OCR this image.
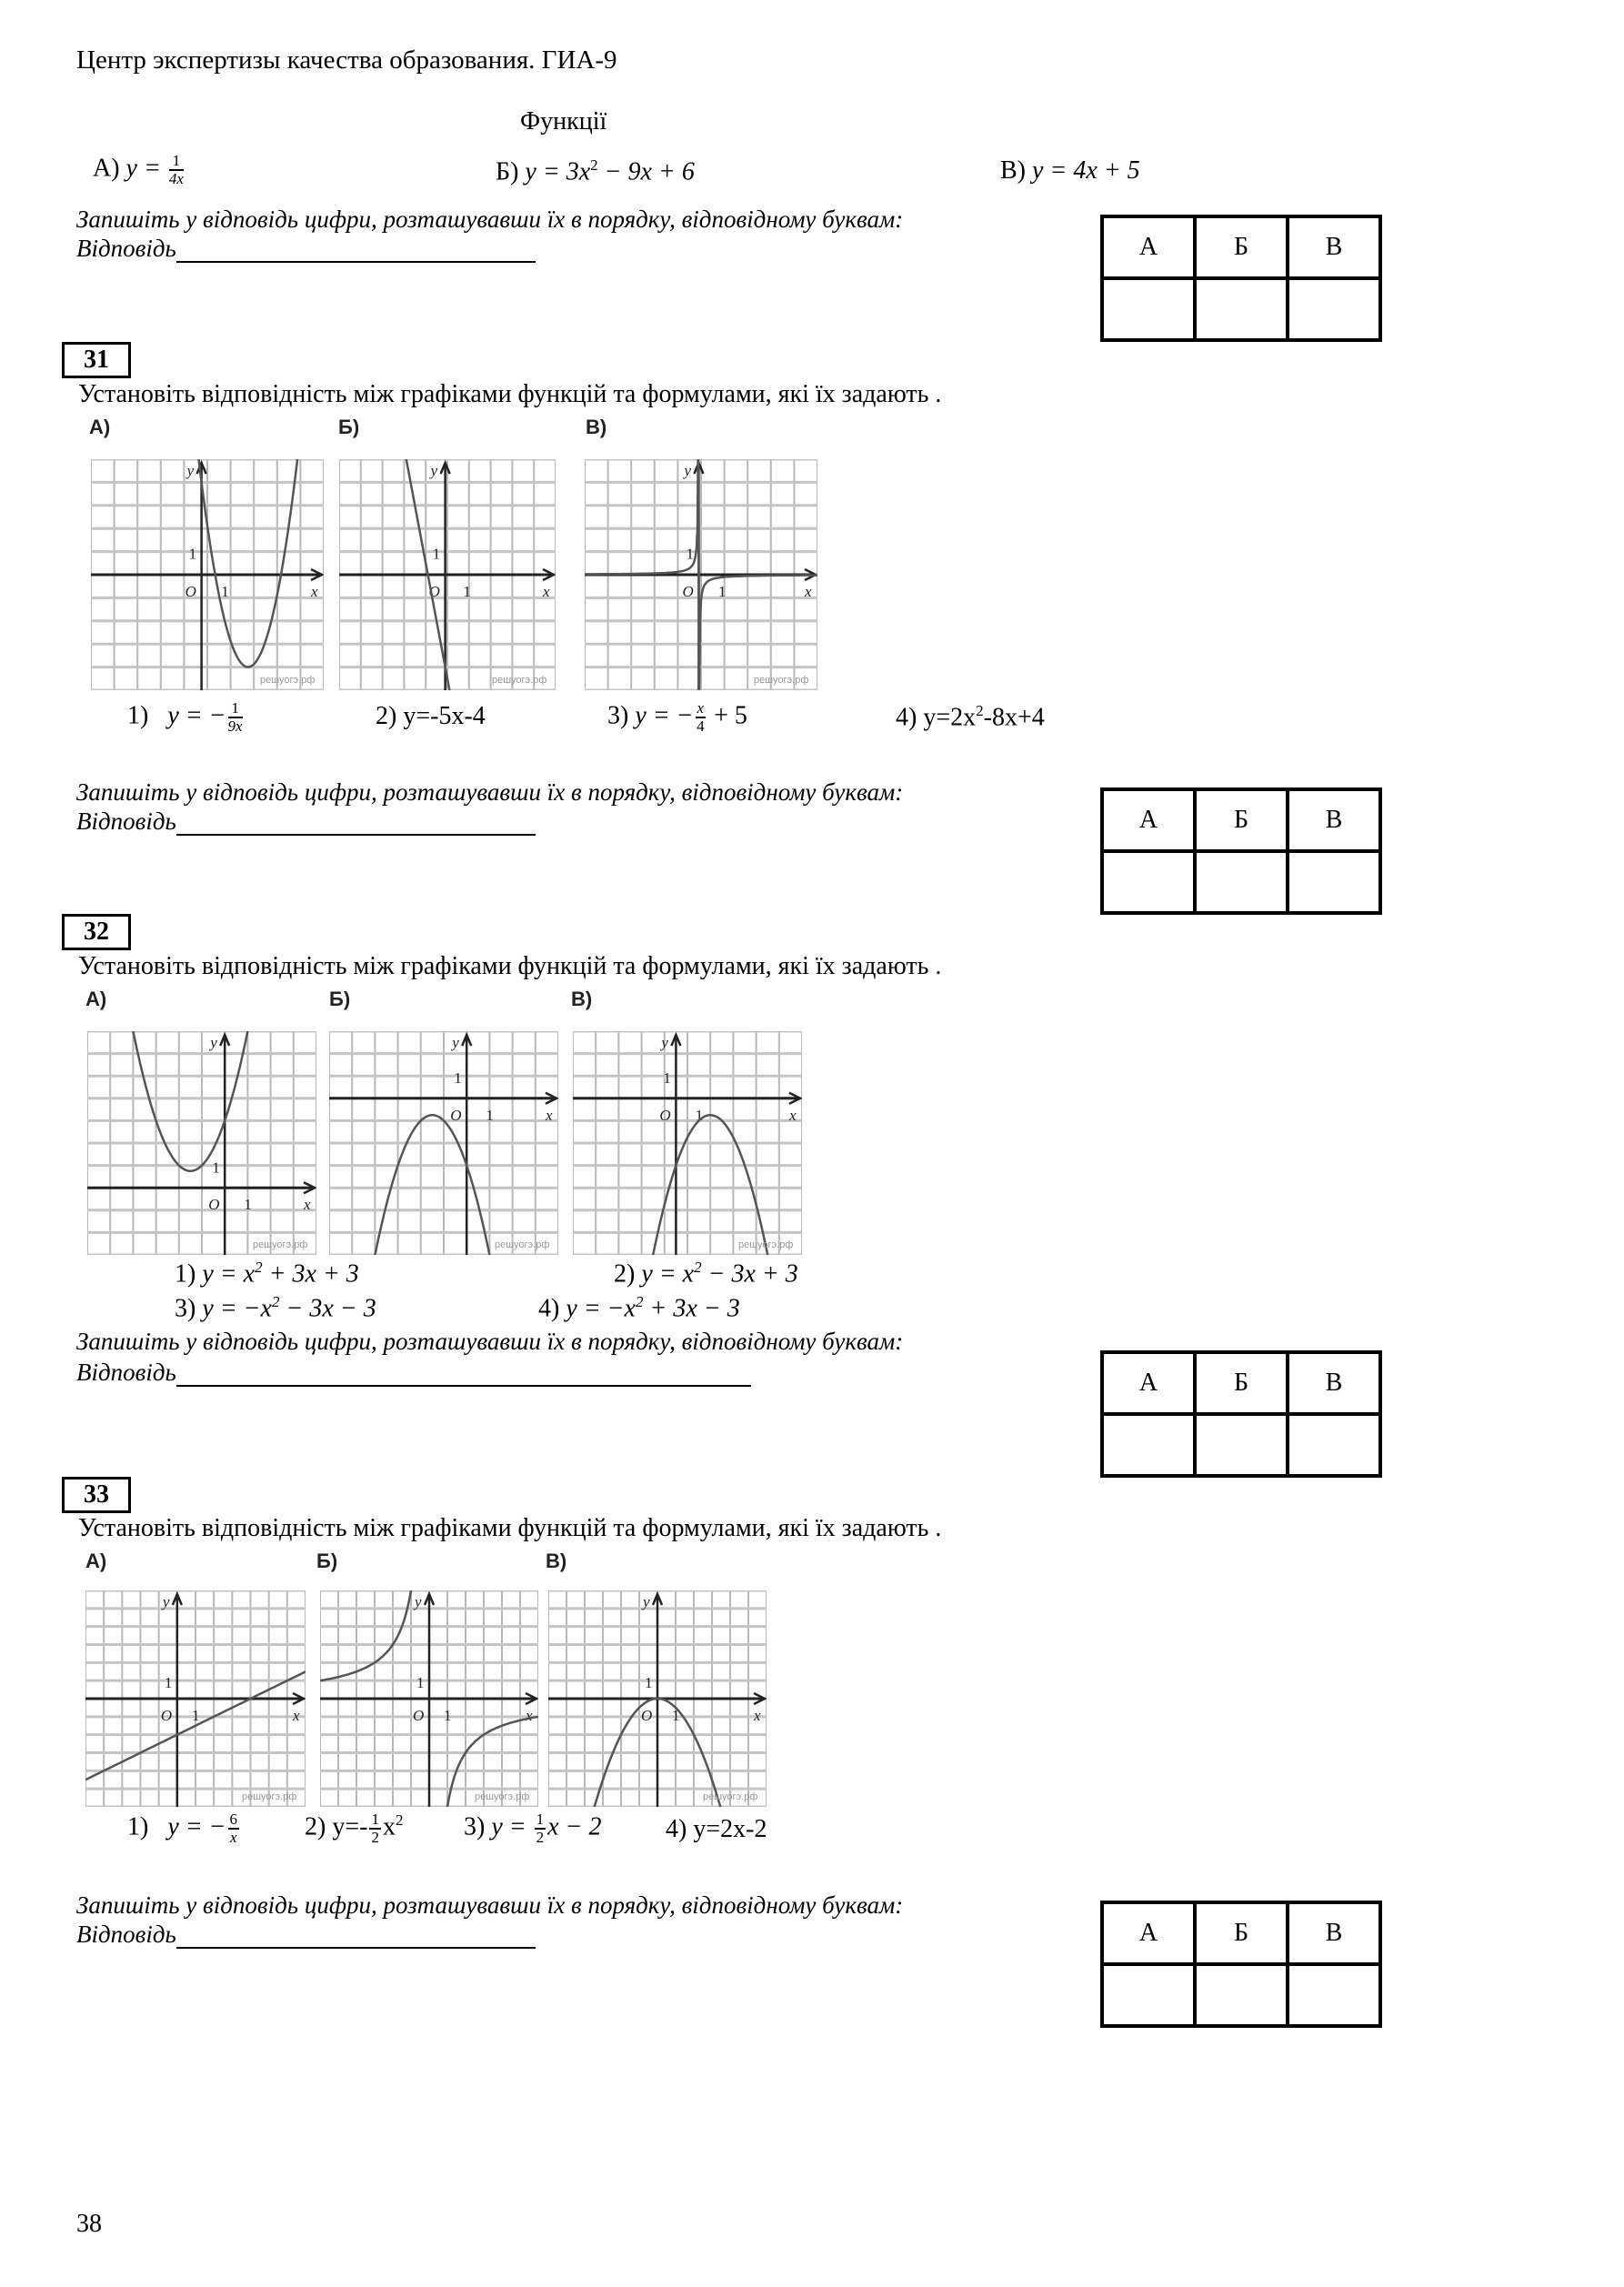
Центр экспертизы качества образования. ГИА-9
Функції
А) $y = \frac{1}{4x}$	Б) $y = 3x^2 - 9x + 6$	В) y = 4x + 5
Запишіть у відповідь цифри, розташувавши їх в порядку, відповідному буквам:
Відповідь	А	Б	В

31
Установіть відповідність між графіками функцій та формулами, які їх задають .
А)	Б)	В)
y
x
O 1
1
решуогэ.рф
y
x
O 1
1
решуогэ.рф
y
x
O 1
1
решуогэ.рф
1) y = − $\frac{1}{9x}$	2) y=-5x-4	3) y = − $\frac{x}{4} + 5$	4) $y=2x^2-8x+4$
Запишіть у відповідь цифри, розташувавши їх в порядку, відповідному буквам:
Відповідь	А	Б	В

32
Установіть відповідність між графіками функцій та формулами, які їх задають .
А)	Б)	В)
y
x
O 1
1
решуогэ.рф
y
x
O 1
1
решуогэ.рф
y
x
O 1
1
решуогэ.рф
1) $y = x^2 + 3x + 3$	2) $y = x^2 - 3x + 3$
3) $y = -x^2 - 3x - 3$	4) $y = -x^2 + 3x - 3$
Запишіть у відповідь цифри, розташувавши їх в порядку, відповідному буквам:
Відповідь	А	Б	В

33
Установіть відповідність між графіками функцій та формулами, які їх задають .
А)	Б)	В)
y
x
O 1
1
решуогэ.рф
y
x
O 1
1
решуогэ.рф
y
x
O 1
1
решуогэ.рф
1) y = − $\frac{6}{x}$	2) $y=- \frac{1}{2} x^2$ 3) $y = \frac{1}{2}$ x − 2	4) y=2x-2
Запишіть у відповідь цифри, розташувавши їх в порядку, відповідному буквам:
Відповідь	А	Б	В

38
